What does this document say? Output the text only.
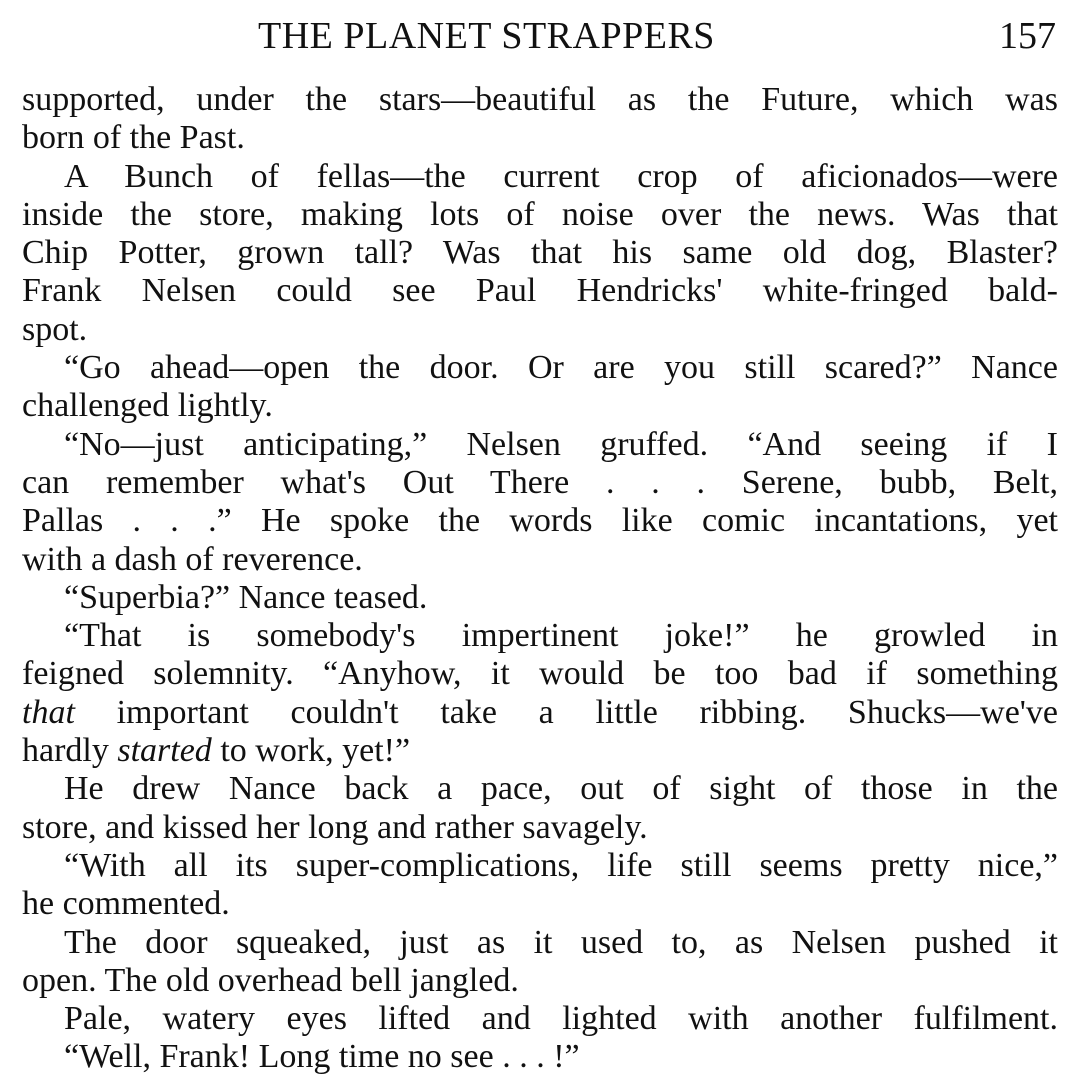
THE PLANET STRAPPERS	157
supported, under the stars—beautiful as the Future, which was
born of the Past.
A Bunch of fellas—the current crop of aficionados—were
inside the store, making lots of noise over the news. Was that
Chip Potter, grown tall? Was that his same old dog, Blaster?
Frank Nelsen could see Paul Hendricks' white-fringed bald-
spot.
“Go ahead—open the door. Or are you still scared?” Nance
challenged lightly.
“No—just anticipating,” Nelsen gruffed. “And seeing if I
can remember what's Out There . . . Serene, bubb, Belt,
Pallas . . .” He spoke the words like comic incantations, yet
with a dash of reverence.
“Superbia?” Nance teased.
“That is somebody's impertinent joke!” he growled in
feigned solemnity. “Anyhow, it would be too bad if something
that important couldn't take a little ribbing. Shucks—we've
hardly started to work, yet!”
He drew Nance back a pace, out of sight of those in the
store, and kissed her long and rather savagely.
“With all its super-complications, life still seems pretty nice,”
he commented.
The door squeaked, just as it used to, as Nelsen pushed it
open. The old overhead bell jangled.
Pale, watery eyes lifted and lighted with another fulfilment.
“Well, Frank! Long time no see . . . !”
